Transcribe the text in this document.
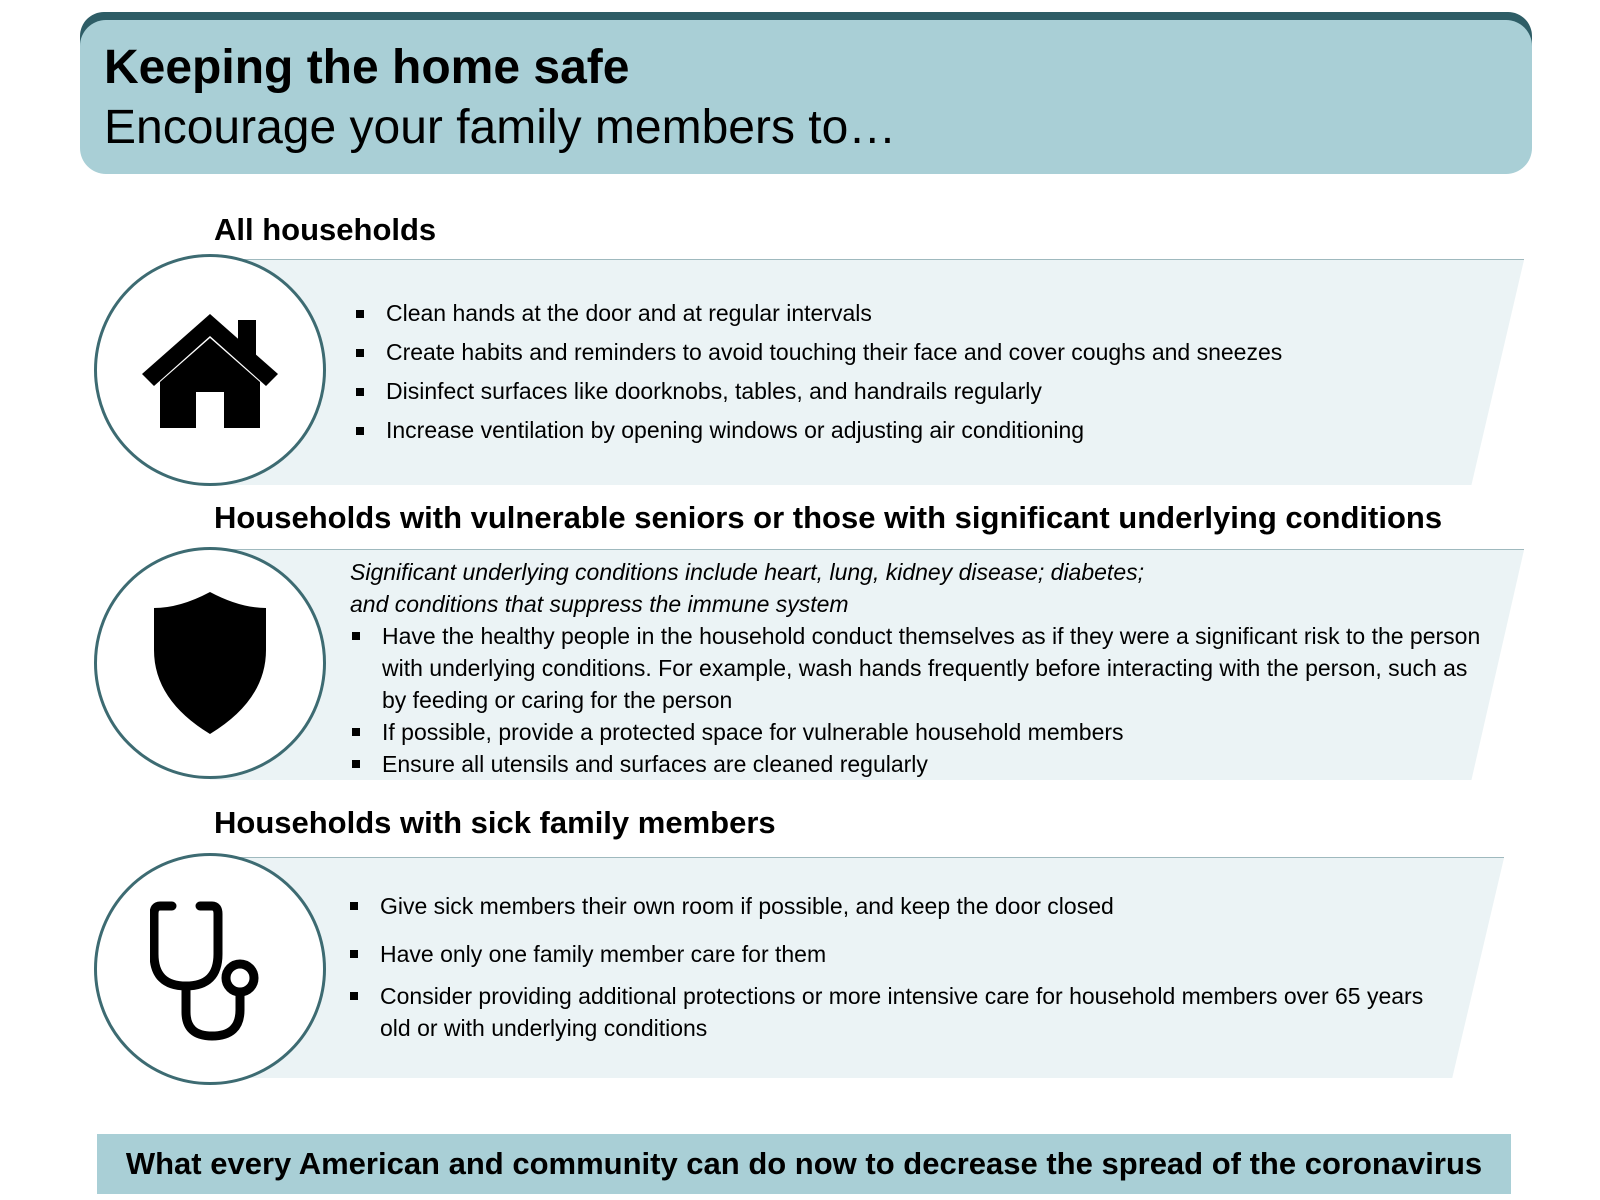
Keeping the home safe
Encourage your family members to…
All households
Clean hands at the door and at regular intervals
Create habits and reminders to avoid touching their face and cover coughs and sneezes
Disinfect surfaces like doorknobs, tables, and handrails regularly
Increase ventilation by opening windows or adjusting air conditioning
Households with vulnerable seniors or those with significant underlying conditions
Significant underlying conditions include heart, lung, kidney disease; diabetes;
and conditions that suppress the immune system
Have the healthy people in the household conduct themselves as if they were a significant risk to the person with underlying conditions. For example, wash hands frequently before interacting with the person, such as by feeding or caring for the person
If possible, provide a protected space for vulnerable household members
Ensure all utensils and surfaces are cleaned regularly
Households with sick family members
Give sick members their own room if possible, and keep the door closed
Have only one family member care for them
Consider providing additional protections or more intensive care for household members over 65 years old or with underlying conditions
What every American and community can do now to decrease the spread of the coronavirus
